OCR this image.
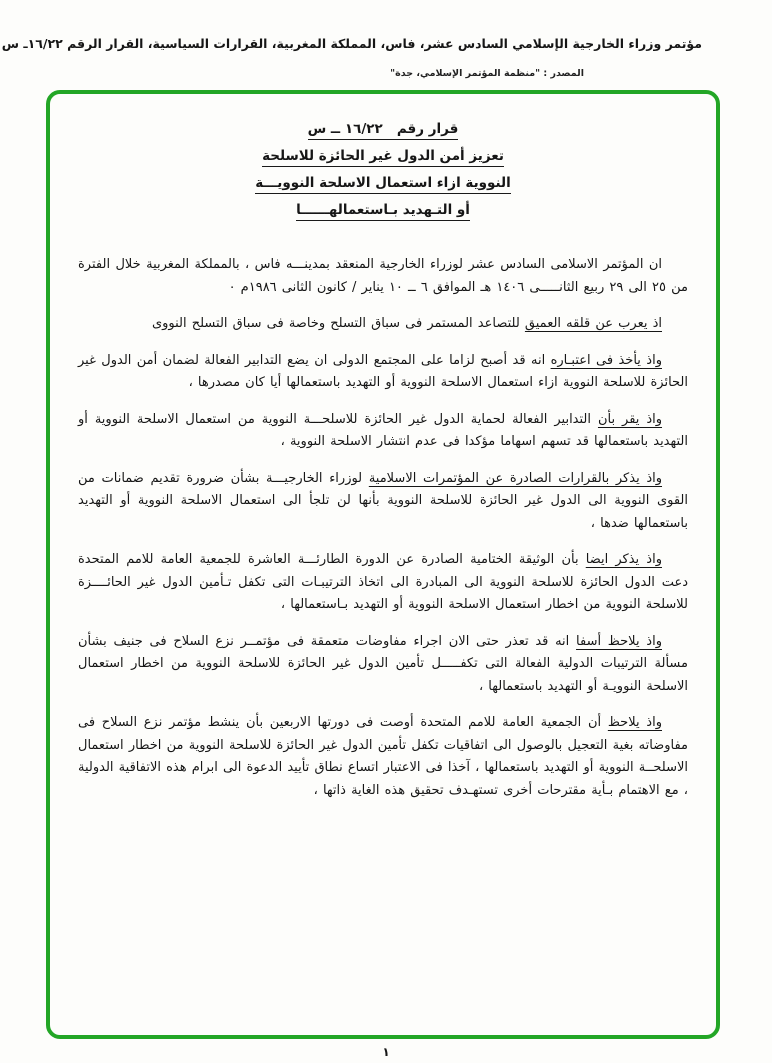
مؤتمر وزراء الخارجية الإسلامي السادس عشر، فاس، المملكة المغربية، القرارات السياسية، القرار الرقم ١٦/٢٢ـ س
المصدر : "منظمة المؤتمر الإسلامي، جدة"
قرار رقم   ١٦/٢٢ ــ س
تعزيز أمن الدول غير الحائزة للاسلحة
النووية ازاء استعمال الاسلحة النوويـــة
أو التـهديد بـاستعمالهــــــا

ان المؤتمر الاسلامى السادس عشر لوزراء الخارجية المنعقد بمدينـــه فاس ، بالمملكة المغربية خلال الفترة من ٢٥ الى ٢٩ ربيع الثانـــــى ١٤٠٦ هـ الموافق ٦ ــ ١٠ يناير / كانون الثانى ١٩٨٦م ٠

اذ يعرب عن قلقه العميق للتصاعد المستمر فى سباق التسلح وخاصة فى سباق التسلح النووى

واذ يأخذ فى اعتبـاره انه قد أصبح لزاما على المجتمع الدولى ان يضع التدابير الفعالة لضمان أمن الدول غير الحائزة للاسلحة النووية ازاء استعمال الاسلحة النووية أو التهديد باستعمالها أيا كان مصدرها ،

واذ يقر بأن التدابير الفعالة لحماية الدول غير الحائزة للاسلحـــة النووية من استعمال الاسلحة النووية أو التهديد باستعمالها قد تسهم اسهاما مؤكدا فى عدم انتشار الاسلحة النووية ،

واذ يذكر بالقرارات الصادرة عن المؤتمرات الاسلامية لوزراء الخارجيـــة بشأن ضرورة تقديم ضمانات من القوى النووية الى الدول غير الحائزة للاسلحة النووية بأنها لن تلجأ الى استعمال الاسلحة النووية أو التهديد باستعمالها ضدها ،

واذ يذكر ايضا بأن الوثيقة الختامية الصادرة عن الدورة الطارئـــة العاشرة للجمعية العامة للامم المتحدة دعت الدول الحائزة للاسلحة النووية الى المبادرة الى اتخاذ الترتيبـات التى تكفل تـأمين الدول غير الحائــــزة للاسلحة النووية من اخطار استعمال الاسلحة النووية أو التهديد بـاستعمالها ،

واذ يلاحظ أسفا انه قد تعذر حتى الان اجراء مفاوضات متعمقة فى مؤتمــر نزع السلاح فى جنيف بشأن مسألة الترتيبات الدولية الفعالة التى تكفـــــل تأمين الدول غير الحائزة للاسلحة النووية من اخطار استعمال الاسلحة النوويـة أو التهديد باستعمالها ،

واذ يلاحظ أن الجمعية العامة للامم المتحدة أوصت فى دورتها الاربعين بأن ينشط مؤتمر نزع السلاح فى مفاوضاته بغية التعجيل بالوصول الى اتفاقيات تكفل تأمين الدول غير الحائزة للاسلحة النووية من اخطار استعمال الاسلحــة النووية أو التهديد باستعمالها ، آخذا فى الاعتبار اتساع نطاق تأييد الدعوة الى ابرام هذه الاتفاقية الدولية ، مع الاهتمام بـأية مقترحات أخرى تستهـدف تحقيق هذه الغاية ذاتها ،

١
